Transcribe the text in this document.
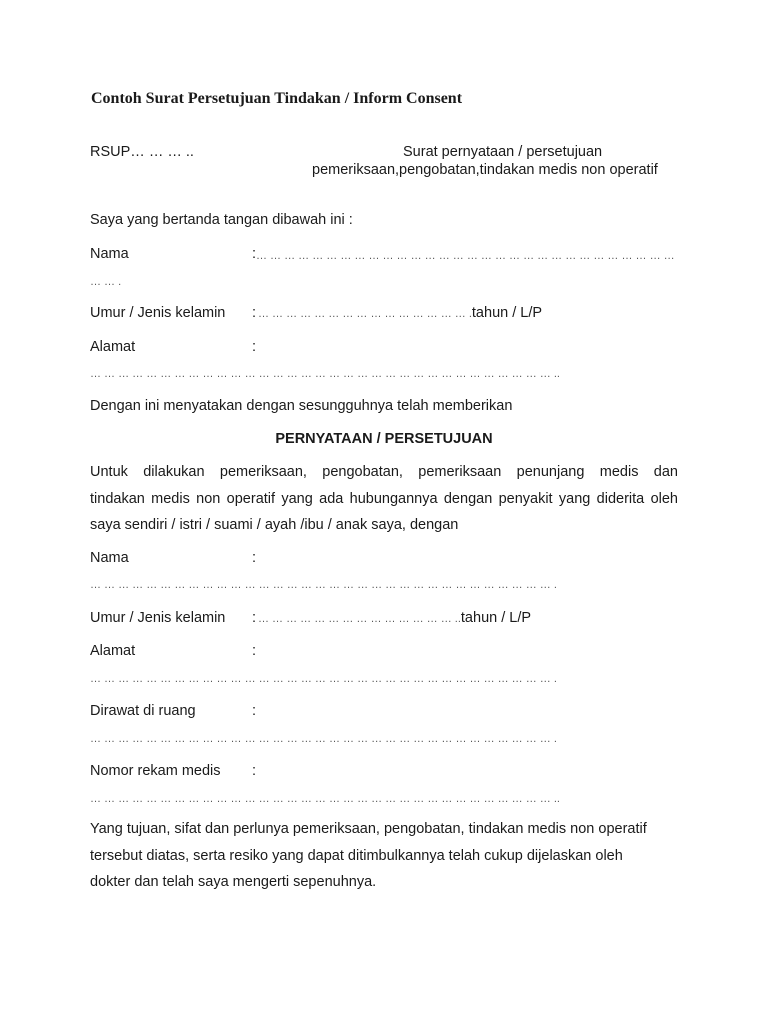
Contoh Surat Persetujuan Tindakan / Inform Consent
RSUP… … … ..	Surat pernyataan / persetujuan
pemeriksaan,pengobatan,tindakan medis non operatif
Saya yang bertanda tangan dibawah ini :
Nama	: … … … … … … … … … … … … … … … … … … … … … … … … … … … … … …
… … .
Umur / Jenis kelamin : … … … … … … … … … … … … … … … .tahun / L/P
Alamat	:
… … … … … … … … … … … … … … … … … … … … … … … … … … … … … … … … … ..
Dengan ini menyatakan dengan sesungguhnya telah memberikan
PERNYATAAN / PERSETUJUAN
Untuk dilakukan pemeriksaan, pengobatan, pemeriksaan penunjang medis dan
tindakan medis non operatif yang ada hubungannya dengan penyakit yang diderita oleh
saya sendiri / istri / suami / ayah /ibu / anak saya, dengan
Nama	:
… … … … … … … … … … … … … … … … … … … … … … … … … … … … … … … … … .
Umur / Jenis kelamin : … … … … … … … … … … … … … … ..tahun / L/P
Alamat	:
… … … … … … … … … … … … … … … … … … … … … … … … … … … … … … … … … .
Dirawat di ruang	:
… … … … … … … … … … … … … … … … … … … … … … … … … … … … … … … … … .
Nomor rekam medis :
… … … … … … … … … … … … … … … … … … … … … … … … … … … … … … … … … ..
Yang tujuan, sifat dan perlunya pemeriksaan, pengobatan, tindakan medis non operatif
tersebut diatas, serta resiko yang dapat ditimbulkannya telah cukup dijelaskan oleh
dokter dan telah saya mengerti sepenuhnya.
